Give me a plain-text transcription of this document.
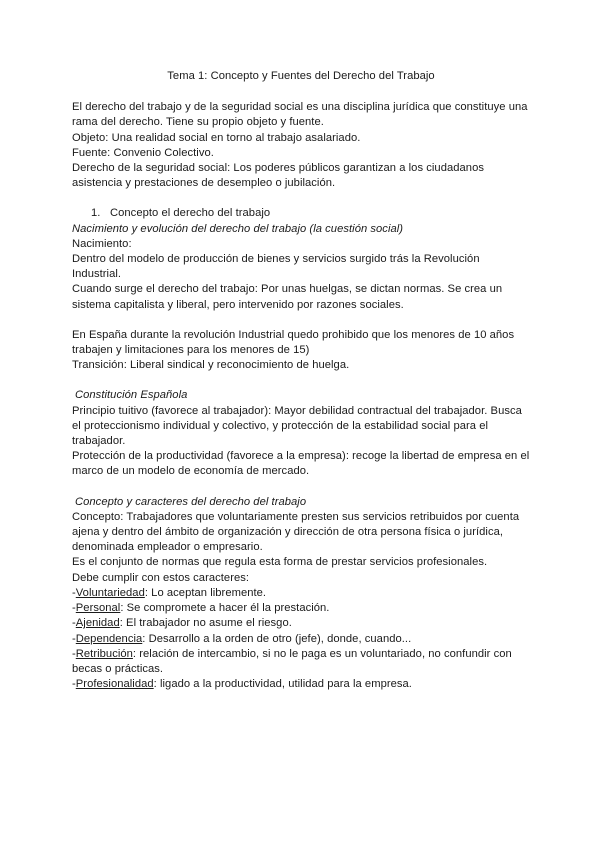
Tema 1: Concepto y Fuentes del Derecho del Trabajo

El derecho del trabajo y de la seguridad social es una disciplina jurídica que constituye una rama del derecho. Tiene su propio objeto y fuente.

Objeto: Una realidad social en torno al trabajo asalariado.

Fuente: Convenio Colectivo.

Derecho de la seguridad social: Los poderes públicos garantizan a los ciudadanos asistencia y prestaciones de desempleo o jubilación.

1. Concepto el derecho del trabajo

Nacimiento y evolución del derecho del trabajo (la cuestión social)

Nacimiento:

Dentro del modelo de producción de bienes y servicios surgido trás la Revolución Industrial.

Cuando surge el derecho del trabajo: Por unas huelgas, se dictan normas. Se crea un sistema capitalista y liberal, pero intervenido por razones sociales.

En España durante la revolución Industrial quedo prohibido que los menores de 10 años trabajen y limitaciones para los menores de 15)

Transición: Liberal sindical y reconocimiento de huelga.

Constitución Española

Principio tuitivo (favorece al trabajador): Mayor debilidad contractual del trabajador. Busca el proteccionismo individual y colectivo, y protección de la estabilidad social para el trabajador.

Protección de la productividad (favorece a la empresa): recoge la libertad de empresa en el marco de un modelo de economía de mercado.

Concepto y caracteres del derecho del trabajo

Concepto: Trabajadores que voluntariamente presten sus servicios retribuidos por cuenta ajena y dentro del ámbito de organización y dirección de otra persona física o jurídica, denominada empleador o empresario.

Es el conjunto de normas que regula esta forma de prestar servicios profesionales.

Debe cumplir con estos caracteres:

-Voluntariedad: Lo aceptan libremente.

-Personal: Se compromete a hacer él la prestación.

-Ajenidad: El trabajador no asume el riesgo.

-Dependencia: Desarrollo a la orden de otro (jefe), donde, cuando...

-Retribución: relación de intercambio, si no le paga es un voluntariado, no confundir con becas o prácticas.

-Profesionalidad: ligado a la productividad, utilidad para la empresa.
